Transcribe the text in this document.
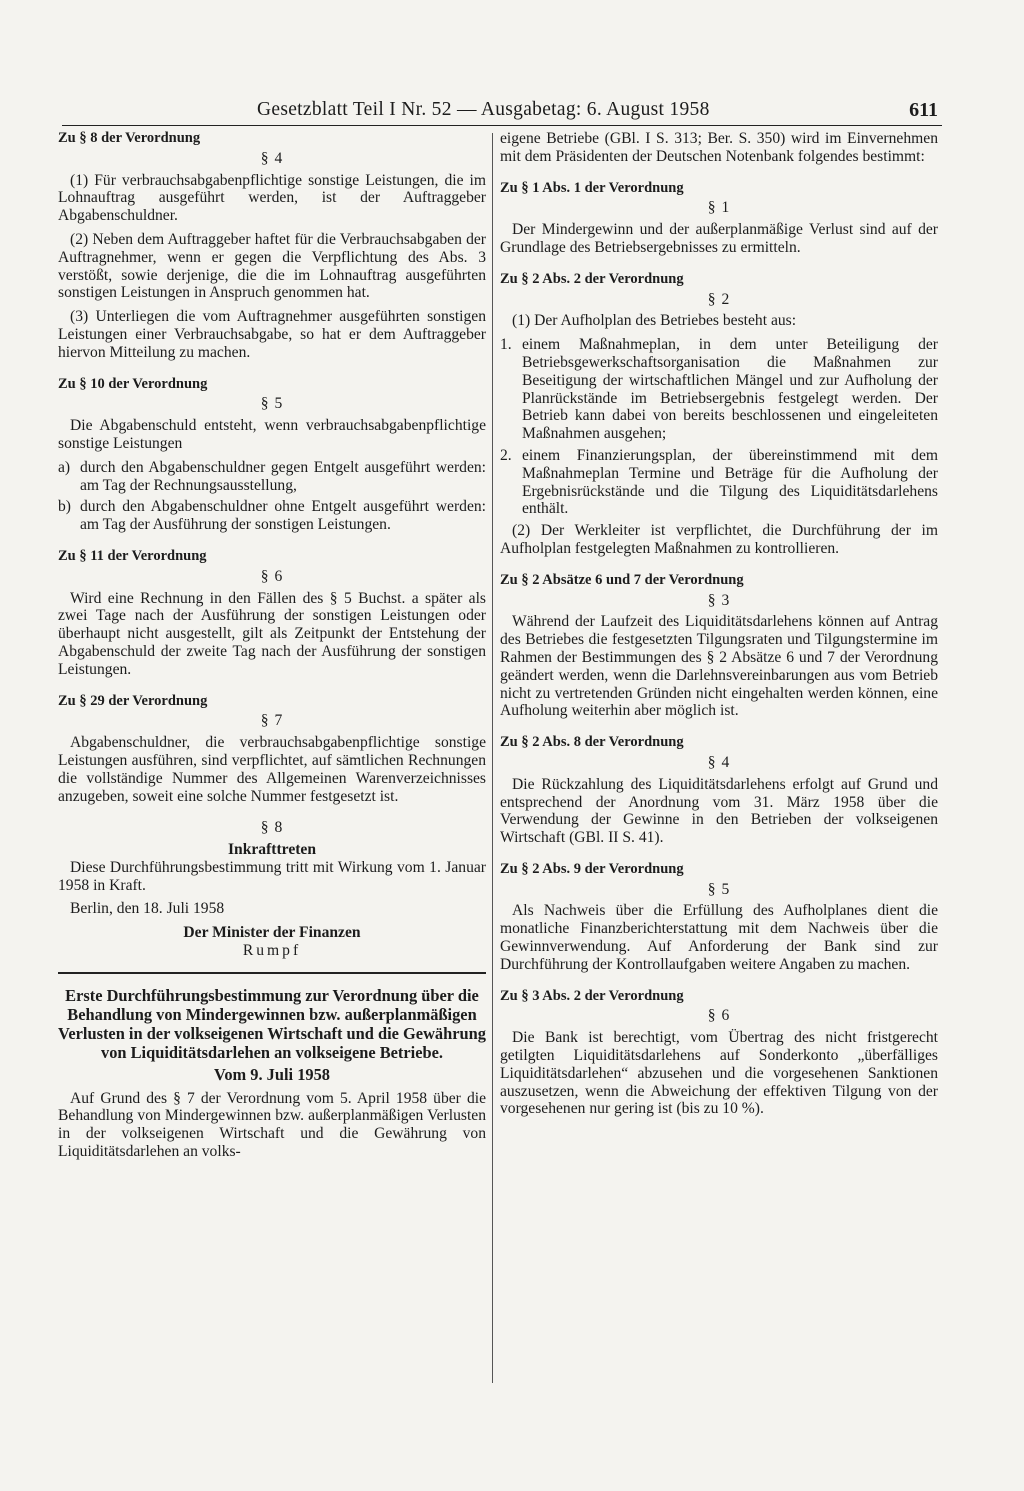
Gesetzblatt Teil I Nr. 52 — Ausgabetag: 6. August 1958	611
Zu § 8 der Verordnung
§ 4

(1) Für verbrauchsabgabenpflichtige sonstige Leistungen, die im Lohnauftrag ausgeführt werden, ist der Auftraggeber Abgabenschuldner.

(2) Neben dem Auftraggeber haftet für die Verbrauchsabgaben der Auftragnehmer, wenn er gegen die Verpflichtung des Abs. 3 verstößt, sowie derjenige, die die im Lohnauftrag ausgeführten sonstigen Leistungen in Anspruch genommen hat.

(3) Unterliegen die vom Auftragnehmer ausgeführten sonstigen Leistungen einer Verbrauchsabgabe, so hat er dem Auftraggeber hiervon Mitteilung zu machen.

Zu § 10 der Verordnung
§ 5

Die Abgabenschuld entsteht, wenn verbrauchsabgabenpflichtige sonstige Leistungen

a) durch den Abgabenschuldner gegen Entgelt ausgeführt werden: am Tag der Rechnungsausstellung,
b) durch den Abgabenschuldner ohne Entgelt ausgeführt werden: am Tag der Ausführung der sonstigen Leistungen.
Zu § 11 der Verordnung
§ 6

Wird eine Rechnung in den Fällen des § 5 Buchst. a später als zwei Tage nach der Ausführung der sonstigen Leistungen oder überhaupt nicht ausgestellt, gilt als Zeitpunkt der Entstehung der Abgabenschuld der zweite Tag nach der Ausführung der sonstigen Leistungen.

Zu § 29 der Verordnung
§ 7

Abgabenschuldner, die verbrauchsabgabenpflichtige sonstige Leistungen ausführen, sind verpflichtet, auf sämtlichen Rechnungen die vollständige Nummer des Allgemeinen Warenverzeichnisses anzugeben, soweit eine solche Nummer festgesetzt ist.

§ 8
Inkrafttreten

Diese Durchführungsbestimmung tritt mit Wirkung vom 1. Januar 1958 in Kraft.

Berlin, den 18. Juli 1958

Der Minister der Finanzen

Rumpf

Erste Durchführungsbestimmung zur Verordnung über die Behandlung von Mindergewinnen bzw. außerplanmäßigen Verlusten in der volkseigenen Wirtschaft und die Gewährung von Liquiditätsdarlehen an volkseigene Betriebe.
Vom 9. Juli 1958

Auf Grund des § 7 der Verordnung vom 5. April 1958 über die Behandlung von Mindergewinnen bzw. außerplanmäßigen Verlusten in der volkseigenen Wirtschaft und die Gewährung von Liquiditätsdarlehen an volks-

eigene Betriebe (GBl. I S. 313; Ber. S. 350) wird im Einvernehmen mit dem Präsidenten der Deutschen Notenbank folgendes bestimmt:

Zu § 1 Abs. 1 der Verordnung
§ 1

Der Mindergewinn und der außerplanmäßige Verlust sind auf der Grundlage des Betriebsergebnisses zu ermitteln.

Zu § 2 Abs. 2 der Verordnung
§ 2

(1) Der Aufholplan des Betriebes besteht aus:

1. einem Maßnahmeplan, in dem unter Beteiligung der Betriebsgewerkschaftsorganisation die Maßnahmen zur Beseitigung der wirtschaftlichen Mängel und zur Aufholung der Planrückstände im Betriebsergebnis festgelegt werden. Der Betrieb kann dabei von bereits beschlossenen und eingeleiteten Maßnahmen ausgehen;
2. einem Finanzierungsplan, der übereinstimmend mit dem Maßnahmeplan Termine und Beträge für die Aufholung der Ergebnisrückstände und die Tilgung des Liquiditätsdarlehens enthält.

(2) Der Werkleiter ist verpflichtet, die Durchführung der im Aufholplan festgelegten Maßnahmen zu kontrollieren.

Zu § 2 Absätze 6 und 7 der Verordnung
§ 3

Während der Laufzeit des Liquiditätsdarlehens können auf Antrag des Betriebes die festgesetzten Tilgungsraten und Tilgungstermine im Rahmen der Bestimmungen des § 2 Absätze 6 und 7 der Verordnung geändert werden, wenn die Darlehnsvereinbarungen aus vom Betrieb nicht zu vertretenden Gründen nicht eingehalten werden können, eine Aufholung weiterhin aber möglich ist.

Zu § 2 Abs. 8 der Verordnung
§ 4

Die Rückzahlung des Liquiditätsdarlehens erfolgt auf Grund und entsprechend der Anordnung vom 31. März 1958 über die Verwendung der Gewinne in den Betrieben der volkseigenen Wirtschaft (GBl. II S. 41).

Zu § 2 Abs. 9 der Verordnung
§ 5

Als Nachweis über die Erfüllung des Aufholplanes dient die monatliche Finanzberichterstattung mit dem Nachweis über die Gewinnverwendung. Auf Anforderung der Bank sind zur Durchführung der Kontrollaufgaben weitere Angaben zu machen.

Zu § 3 Abs. 2 der Verordnung
§ 6

Die Bank ist berechtigt, vom Übertrag des nicht fristgerecht getilgten Liquiditätsdarlehens auf Sonderkonto „überfälliges Liquiditätsdarlehen“ abzusehen und die vorgesehenen Sanktionen auszusetzen, wenn die Abweichung der effektiven Tilgung von der vorgesehenen nur gering ist (bis zu 10 %).
